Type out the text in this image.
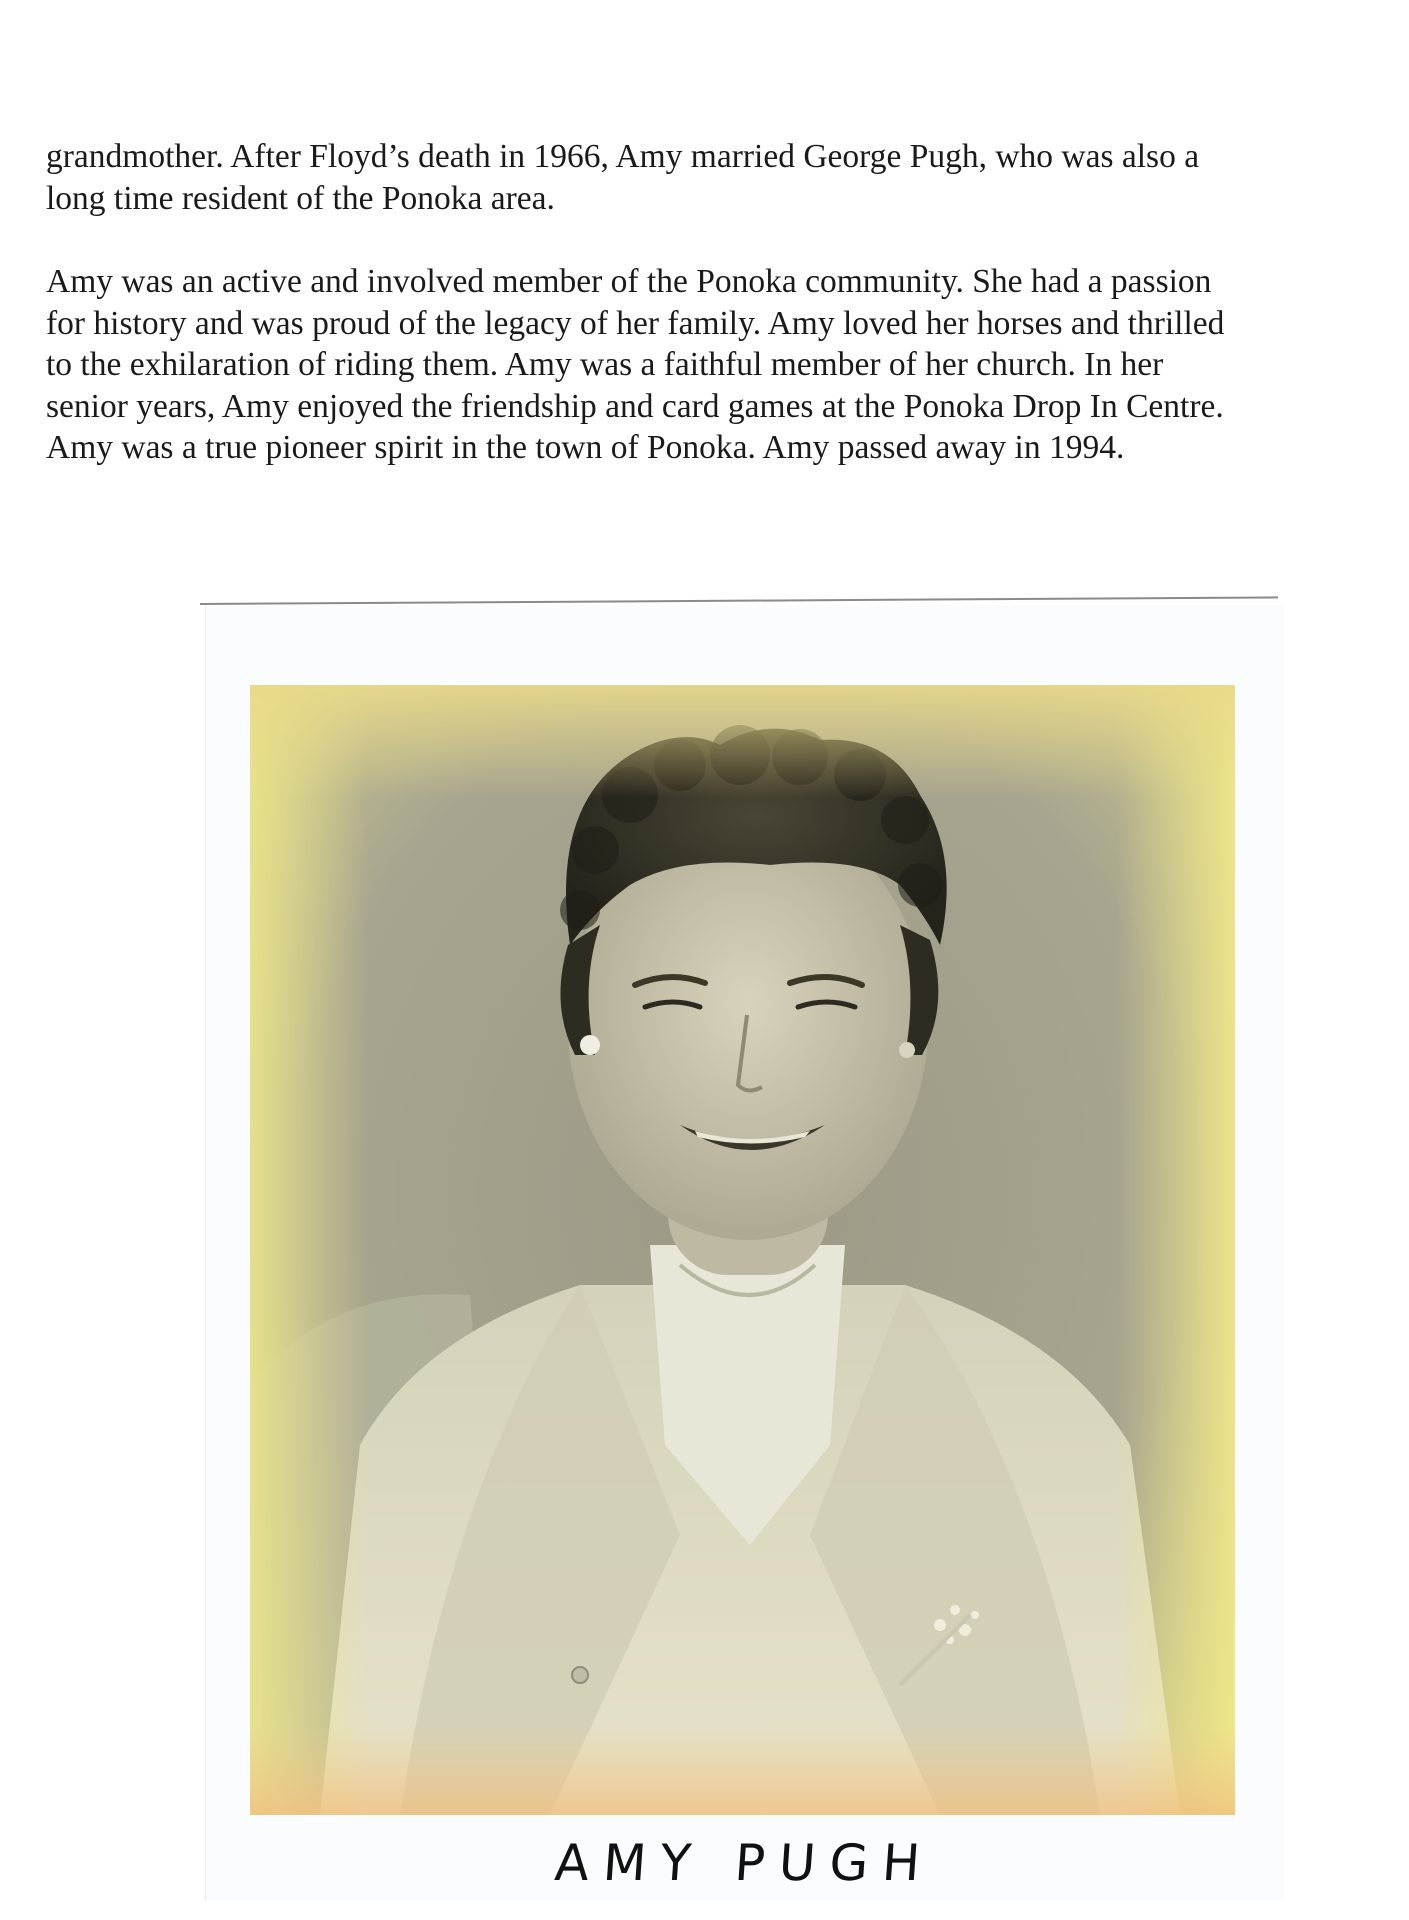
grandmother. After Floyd’s death in 1966, Amy married George Pugh, who was also a
long time resident of the Ponoka area.

Amy was an active and involved member of the Ponoka community. She had a passion
for history and was proud of the legacy of her family. Amy loved her horses and thrilled
to the exhilaration of riding them. Amy was a faithful member of her church. In her
senior years, Amy enjoyed the friendship and card games at the Ponoka Drop In Centre.
Amy was a true pioneer spirit in the town of Ponoka. Amy passed away in 1994.

AMY PUGH
